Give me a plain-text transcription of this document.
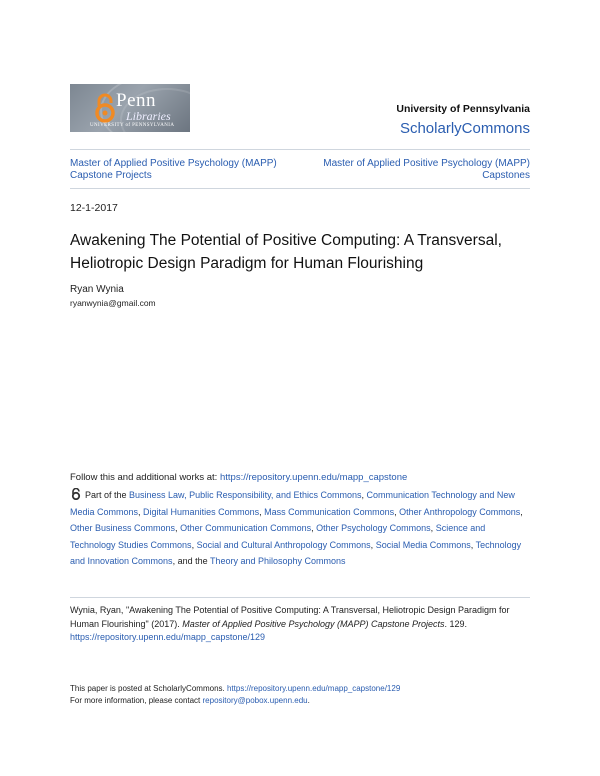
Penn
Libraries
UNIVERSITY of PENNSYLVANIA
University of Pennsylvania
ScholarlyCommons
Master of Applied Positive Psychology (MAPP) Capstone Projects
Master of Applied Positive Psychology (MAPP) Capstones
12-1-2017
Awakening The Potential of Positive Computing: A Transversal, Heliotropic Design Paradigm for Human Flourishing
Ryan Wynia
ryanwynia@gmail.com
Follow this and additional works at: https://repository.upenn.edu/mapp_capstone
Part of the Business Law, Public Responsibility, and Ethics Commons, Communication Technology and New Media Commons, Digital Humanities Commons, Mass Communication Commons, Other Anthropology Commons, Other Business Commons, Other Communication Commons, Other Psychology Commons, Science and Technology Studies Commons, Social and Cultural Anthropology Commons, Social Media Commons, Technology and Innovation Commons, and the Theory and Philosophy Commons
Wynia, Ryan, "Awakening The Potential of Positive Computing: A Transversal, Heliotropic Design Paradigm for Human Flourishing" (2017). Master of Applied Positive Psychology (MAPP) Capstone Projects. 129.
https://repository.upenn.edu/mapp_capstone/129
This paper is posted at ScholarlyCommons. https://repository.upenn.edu/mapp_capstone/129
For more information, please contact repository@pobox.upenn.edu.
